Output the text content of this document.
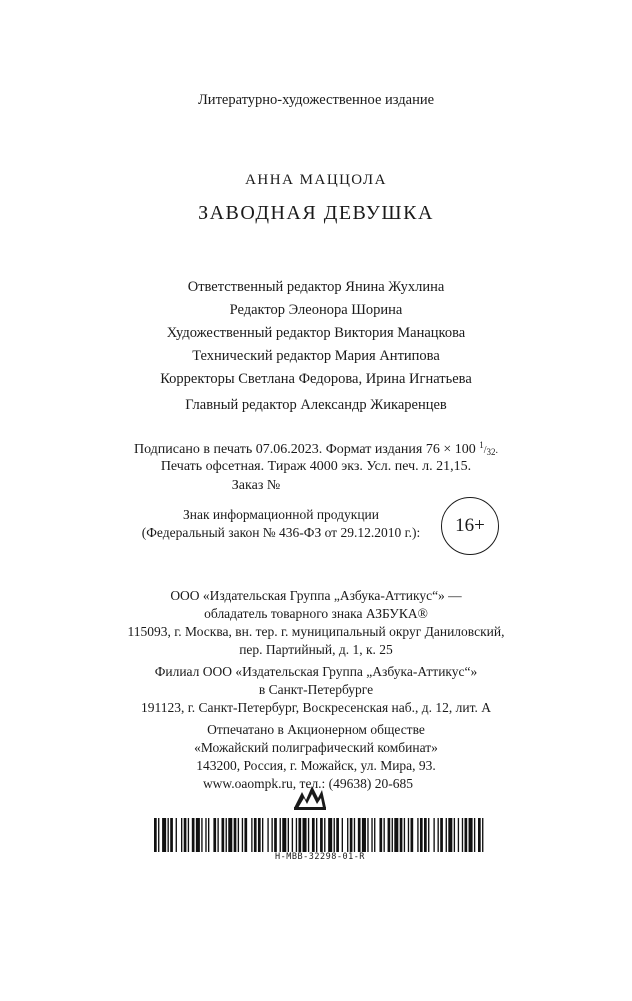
Литературно-художественное издание
АННА МАЦЦОЛА
ЗАВОДНАЯ ДЕВУШКА
Ответственный редактор Янина Жухлина
Редактор Элеонора Шорина
Художественный редактор Виктория Манацкова
Технический редактор Мария Антипова
Корректоры Светлана Федорова, Ирина Игнатьева
Главный редактор Александр Жикаренцев
Подписано в печать 07.06.2023. Формат издания 76 × 100 $^1/_{32}$.
Печать офсетная. Тираж 4000 экз. Усл. печ. л. 21,15.
Заказ №
Знак информационной продукции
(Федеральный закон № 436-ФЗ от 29.12.2010 г.):	16+
ООО «Издательская Группа „Азбука-Аттикус“» —
обладатель товарного знака АЗБУКА®
115093, г. Москва, вн. тер. г. муниципальный округ Даниловский,
пер. Партийный, д. 1, к. 25
Филиал ООО «Издательская Группа „Азбука-Аттикус“»
в Санкт-Петербурге
191123, г. Санкт-Петербург, Воскресенская наб., д. 12, лит. А
Отпечатано в Акционерном обществе
«Можайский полиграфический комбинат»
143200, Россия, г. Можайск, ул. Мира, 93.
www.oaompk.ru, тел.: (49638) 20-685
Н-МВВ-32298-01-R
